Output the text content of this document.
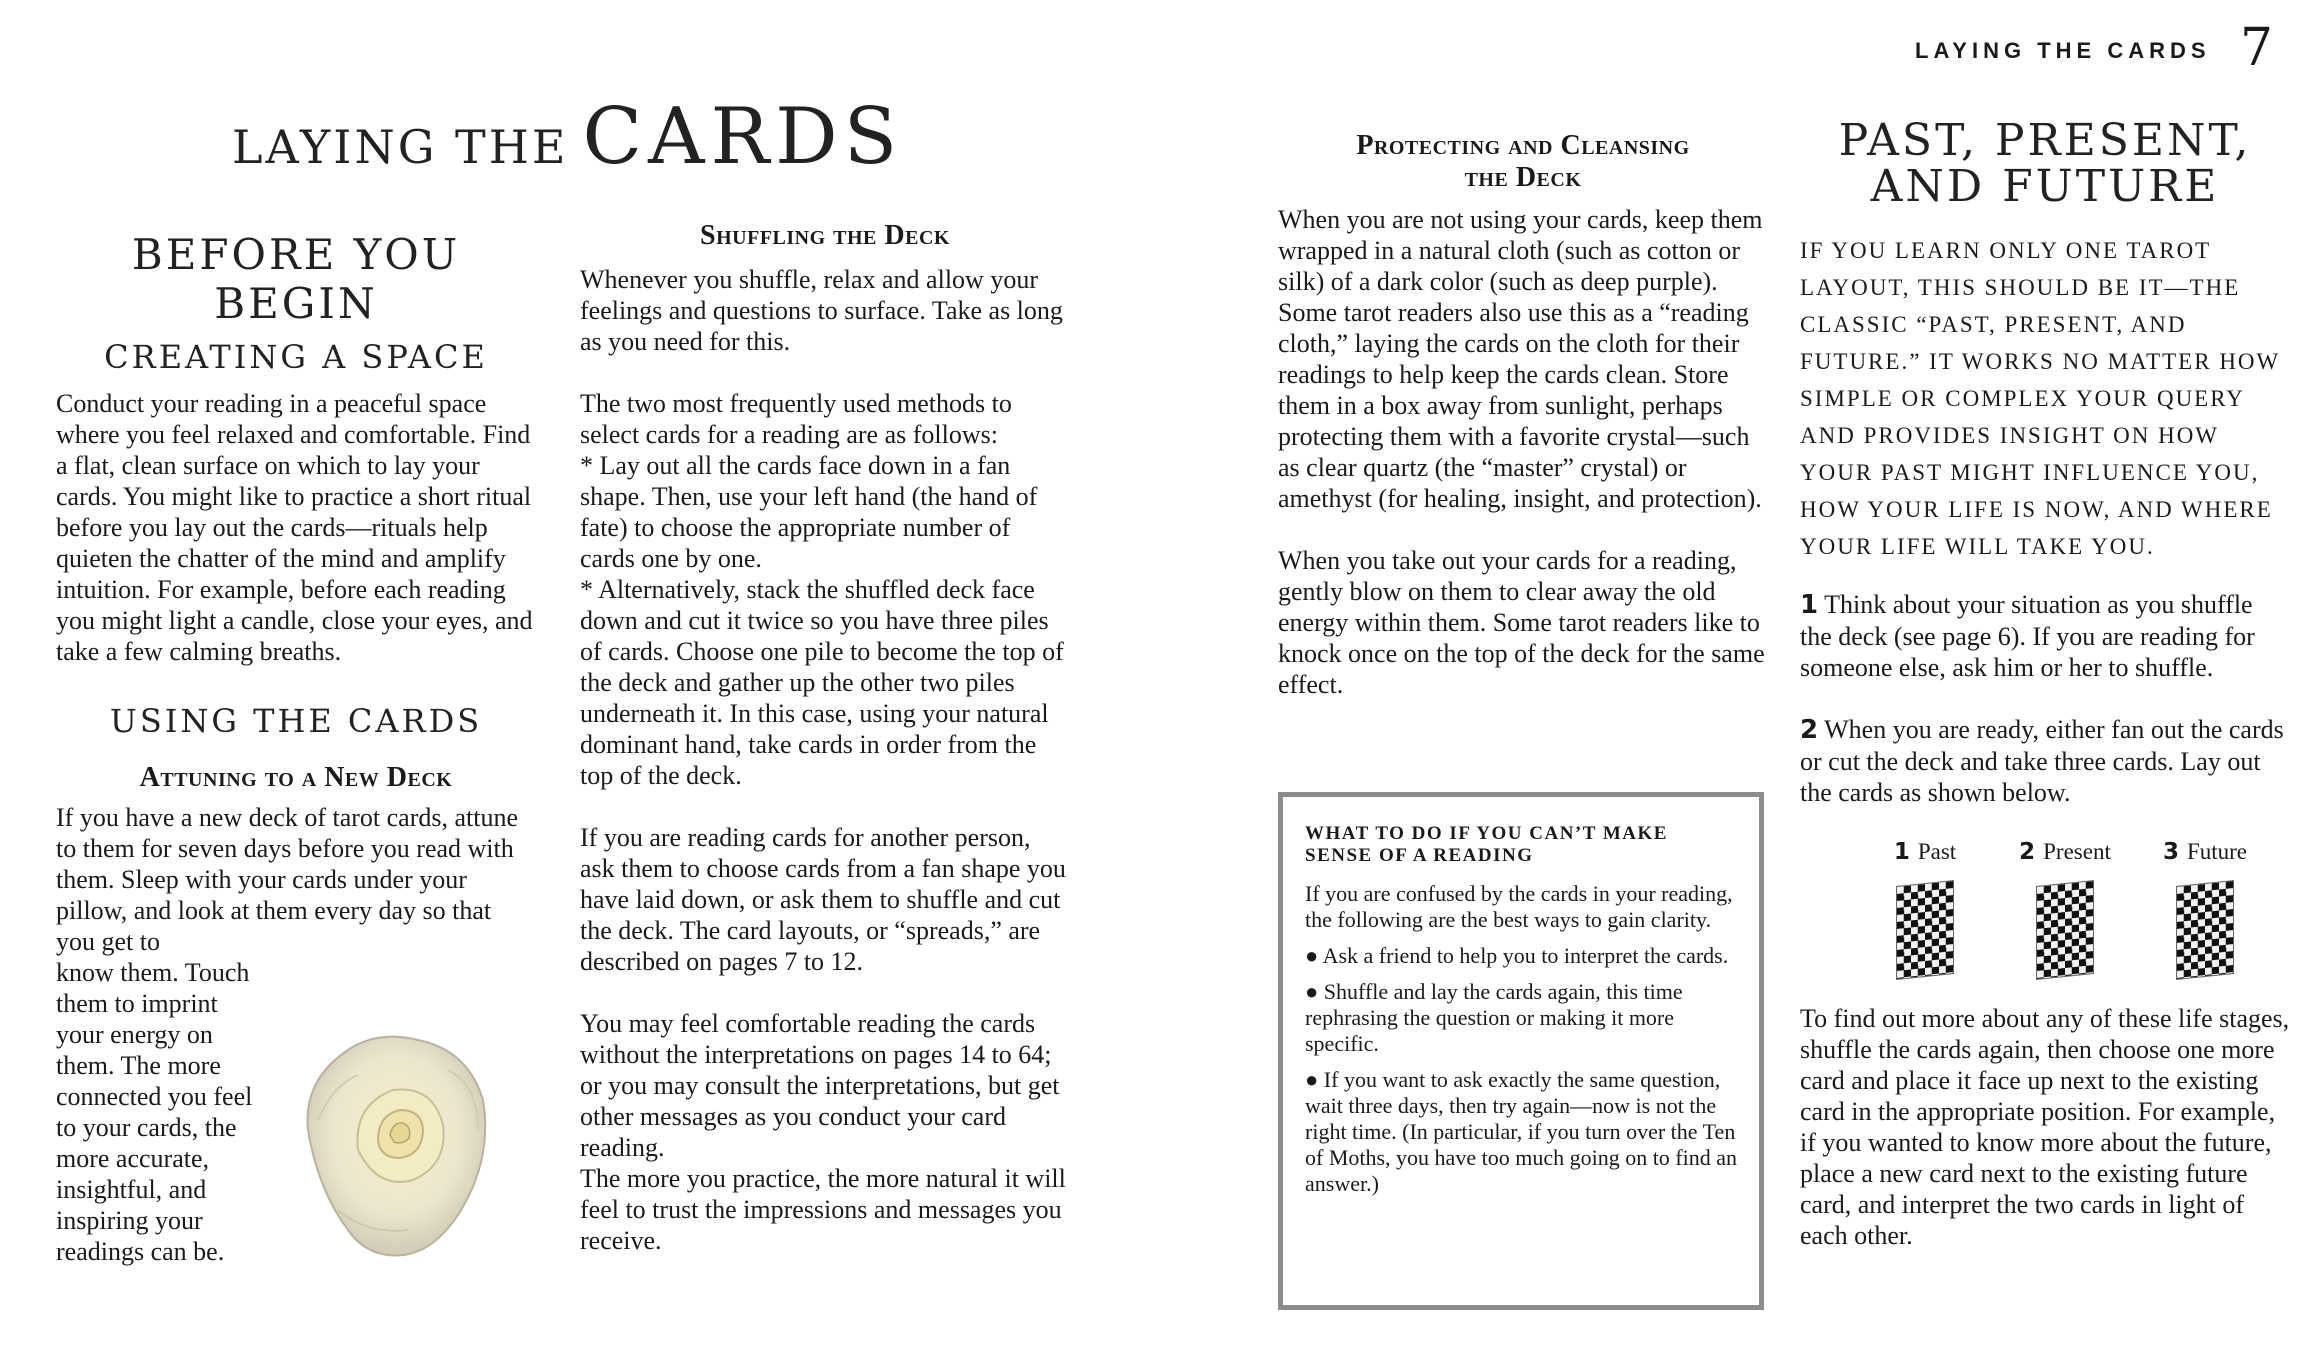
LAYING THE CARDS 7
LAYING THE CARDS
BEFORE YOU BEGIN
CREATING A SPACE

Conduct your reading in a peaceful space where you feel relaxed and comfortable. Find a flat, clean surface on which to lay your cards. You might like to practice a short ritual before you lay out the cards—rituals help quieten the chatter of the mind and amplify intuition. For example, before each reading you might light a candle, close your eyes, and take a few calming breaths.

USING THE CARDS
Attuning to a New Deck

If you have a new deck of tarot cards, attune to them for seven days before you read with them. Sleep with your cards under your pillow, and look at them every day so that you get to

know them. Touch
them to imprint
your energy on
them. The more
connected you feel
to your cards, the
more accurate,
insightful, and
inspiring your
readings can be.
Shuffling the Deck

Whenever you shuffle, relax and allow your feelings and questions to surface. Take as long as you need for this.

The two most frequently used methods to select cards for a reading are as follows:

* Lay out all the cards face down in a fan shape. Then, use your left hand (the hand of fate) to choose the appropriate number of cards one by one.

* Alternatively, stack the shuffled deck face down and cut it twice so you have three piles of cards. Choose one pile to become the top of the deck and gather up the other two piles underneath it. In this case, using your natural dominant hand, take cards in order from the top of the deck.

If you are reading cards for another person, ask them to choose cards from a fan shape you have laid down, or ask them to shuffle and cut the deck. The card layouts, or “spreads,” are described on pages 7 to 12.

You may feel comfortable reading the cards without the interpretations on pages 14 to 64; or you may consult the interpretations, but get other messages as you conduct your card reading.

The more you practice, the more natural it will feel to trust the impressions and messages you receive.

Protecting and Cleansing
the Deck

When you are not using your cards, keep them wrapped in a natural cloth (such as cotton or silk) of a dark color (such as deep purple). Some tarot readers also use this as a “reading cloth,” laying the cards on the cloth for their readings to help keep the cards clean. Store them in a box away from sunlight, perhaps protecting them with a favorite crystal—such as clear quartz (the “master” crystal) or amethyst (for healing, insight, and protection).

When you take out your cards for a reading, gently blow on them to clear away the old energy within them. Some tarot readers like to knock once on the top of the deck for the same effect.

WHAT TO DO IF YOU CAN’T MAKE SENSE OF A READING

If you are confused by the cards in your reading, the following are the best ways to gain clarity.

● Ask a friend to help you to interpret the cards.

● Shuffle and lay the cards again, this time rephrasing the question or making it more specific.

● If you want to ask exactly the same question, wait three days, then try again—now is not the right time. (In particular, if you turn over the Ten of Moths, you have too much going on to find an answer.)

PAST, PRESENT,
AND FUTURE

IF YOU LEARN ONLY ONE TAROT LAYOUT, THIS SHOULD BE IT—THE CLASSIC “PAST, PRESENT, AND FUTURE.” IT WORKS NO MATTER HOW SIMPLE OR COMPLEX YOUR QUERY AND PROVIDES INSIGHT ON HOW YOUR PAST MIGHT INFLUENCE YOU, HOW YOUR LIFE IS NOW, AND WHERE YOUR LIFE WILL TAKE YOU.

1 Think about your situation as you shuffle the deck (see page 6). If you are reading for someone else, ask him or her to shuffle.

2 When you are ready, either fan out the cards or cut the deck and take three cards. Lay out the cards as shown below.

1 Past	2 Present	3 Future

To find out more about any of these life stages, shuffle the cards again, then choose one more card and place it face up next to the existing card in the appropriate position. For example, if you wanted to know more about the future, place a new card next to the existing future card, and interpret the two cards in light of each other.
